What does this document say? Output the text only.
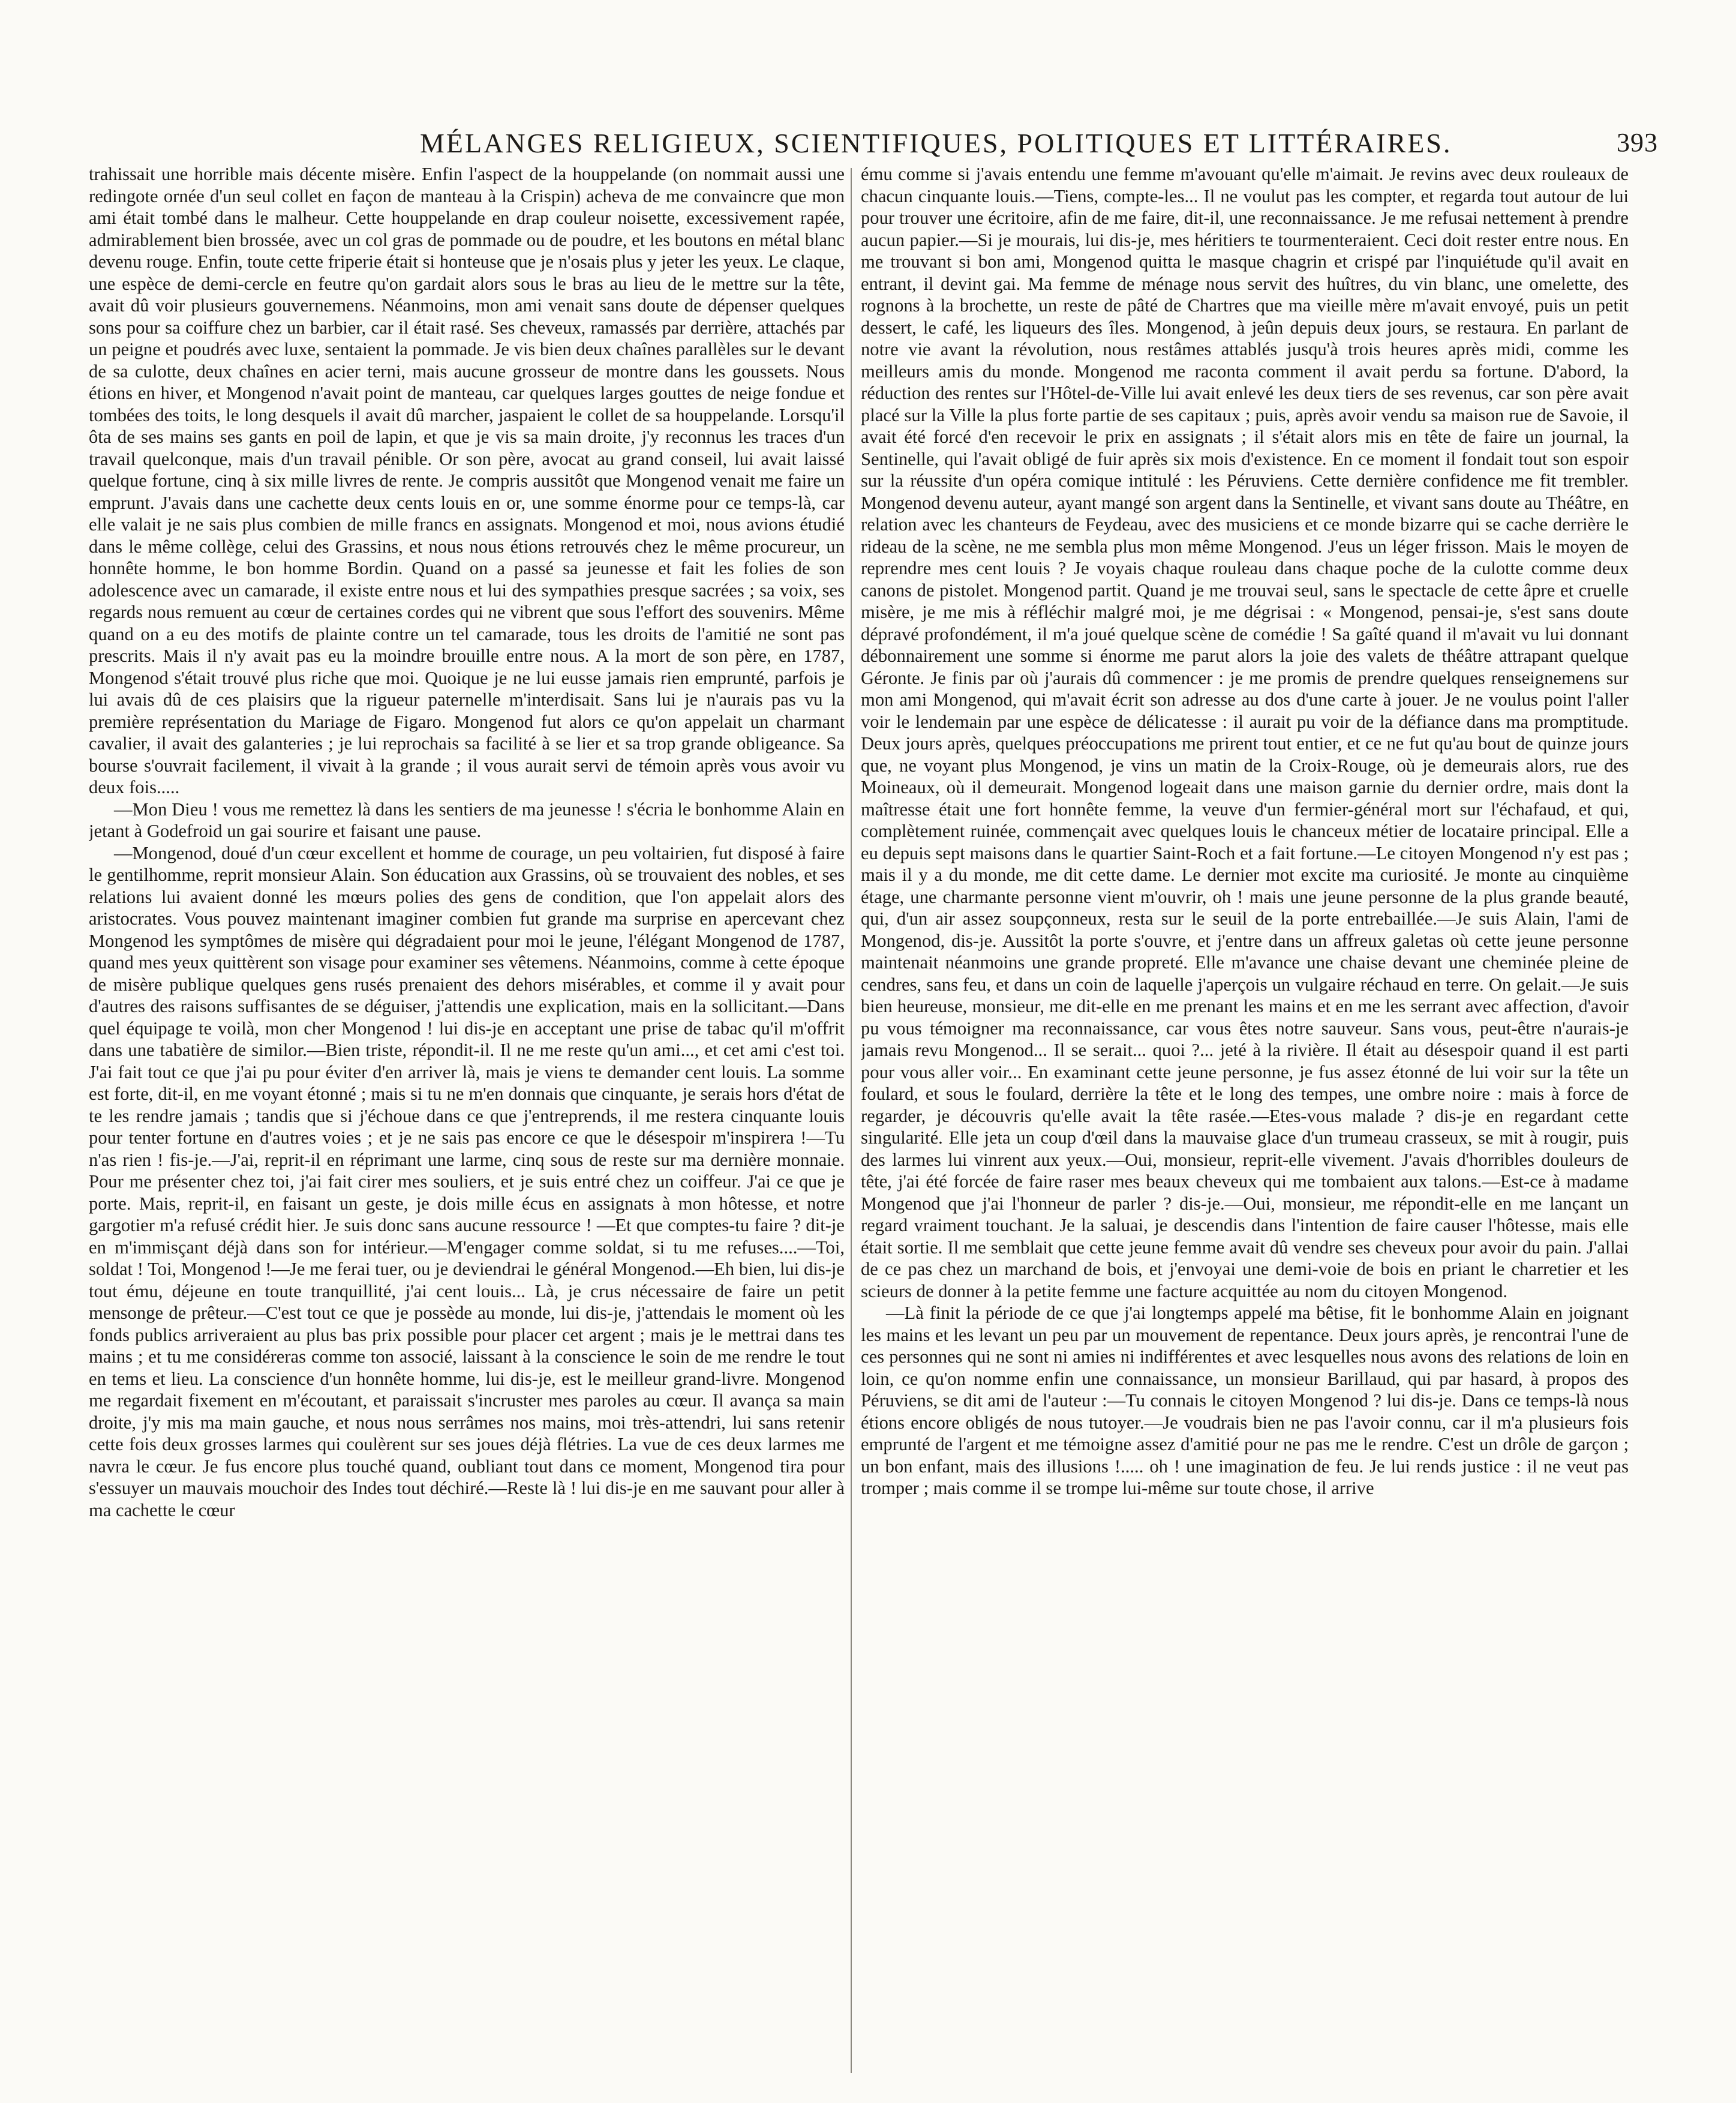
MÉLANGES RELIGIEUX, SCIENTIFIQUES, POLITIQUES ET LITTÉRAIRES.	393

trahissait une horrible mais décente misère. Enfin l'aspect de la houppelande (on nommait aussi une redingote ornée d'un seul collet en façon de manteau à la Crispin) acheva de me convaincre que mon ami était tombé dans le malheur. Cette houppelande en drap couleur noisette, excessivement rapée, admirablement bien brossée, avec un col gras de pommade ou de poudre, et les boutons en métal blanc devenu rouge. Enfin, toute cette friperie était si honteuse que je n'osais plus y jeter les yeux. Le claque, une espèce de demi-cercle en feutre qu'on gardait alors sous le bras au lieu de le mettre sur la tête, avait dû voir plusieurs gouvernemens. Néanmoins, mon ami venait sans doute de dépenser quelques sons pour sa coiffure chez un barbier, car il était rasé. Ses cheveux, ramassés par derrière, attachés par un peigne et poudrés avec luxe, sentaient la pommade. Je vis bien deux chaînes parallèles sur le devant de sa culotte, deux chaînes en acier terni, mais aucune grosseur de montre dans les goussets. Nous étions en hiver, et Mongenod n'avait point de manteau, car quelques larges gouttes de neige fondue et tombées des toits, le long desquels il avait dû marcher, jaspaient le collet de sa houppelande. Lorsqu'il ôta de ses mains ses gants en poil de lapin, et que je vis sa main droite, j'y reconnus les traces d'un travail quelconque, mais d'un travail pénible. Or son père, avocat au grand conseil, lui avait laissé quelque fortune, cinq à six mille livres de rente. Je compris aussitôt que Mongenod venait me faire un emprunt. J'avais dans une cachette deux cents louis en or, une somme énorme pour ce temps-là, car elle valait je ne sais plus combien de mille francs en assignats. Mongenod et moi, nous avions étudié dans le même collège, celui des Grassins, et nous nous étions retrouvés chez le même procureur, un honnête homme, le bon homme Bordin. Quand on a passé sa jeunesse et fait les folies de son adolescence avec un camarade, il existe entre nous et lui des sympathies presque sacrées ; sa voix, ses regards nous remuent au cœur de certaines cordes qui ne vibrent que sous l'effort des souvenirs. Même quand on a eu des motifs de plainte contre un tel camarade, tous les droits de l'amitié ne sont pas prescrits. Mais il n'y avait pas eu la moindre brouille entre nous. A la mort de son père, en 1787, Mongenod s'était trouvé plus riche que moi. Quoique je ne lui eusse jamais rien emprunté, parfois je lui avais dû de ces plaisirs que la rigueur paternelle m'interdisait. Sans lui je n'aurais pas vu la première représentation du Mariage de Figaro. Mongenod fut alors ce qu'on appelait un charmant cavalier, il avait des galanteries ; je lui reprochais sa facilité à se lier et sa trop grande obligeance. Sa bourse s'ouvrait facilement, il vivait à la grande ; il vous aurait servi de témoin après vous avoir vu deux fois.....

—Mon Dieu ! vous me remettez là dans les sentiers de ma jeunesse ! s'écria le bonhomme Alain en jetant à Godefroid un gai sourire et faisant une pause.

—Mongenod, doué d'un cœur excellent et homme de courage, un peu voltairien, fut disposé à faire le gentilhomme, reprit monsieur Alain. Son éducation aux Grassins, où se trouvaient des nobles, et ses relations lui avaient donné les mœurs polies des gens de condition, que l'on appelait alors des aristocrates. Vous pouvez maintenant imaginer combien fut grande ma surprise en apercevant chez Mongenod les symptômes de misère qui dégradaient pour moi le jeune, l'élégant Mongenod de 1787, quand mes yeux quittèrent son visage pour examiner ses vêtemens. Néanmoins, comme à cette époque de misère publique quelques gens rusés prenaient des dehors misérables, et comme il y avait pour d'autres des raisons suffisantes de se déguiser, j'attendis une explication, mais en la sollicitant.—Dans quel équipage te voilà, mon cher Mongenod ! lui dis-je en acceptant une prise de tabac qu'il m'offrit dans une tabatière de similor.—Bien triste, répondit-il. Il ne me reste qu'un ami..., et cet ami c'est toi. J'ai fait tout ce que j'ai pu pour éviter d'en arriver là, mais je viens te demander cent louis. La somme est forte, dit-il, en me voyant étonné ; mais si tu ne m'en donnais que cinquante, je serais hors d'état de te les rendre jamais ; tandis que si j'échoue dans ce que j'entreprends, il me restera cinquante louis pour tenter fortune en d'autres voies ; et je ne sais pas encore ce que le désespoir m'inspirera !—Tu n'as rien ! fis-je.—J'ai, reprit-il en réprimant une larme, cinq sous de reste sur ma dernière monnaie. Pour me présenter chez toi, j'ai fait cirer mes souliers, et je suis entré chez un coiffeur. J'ai ce que je porte. Mais, reprit-il, en faisant un geste, je dois mille écus en assignats à mon hôtesse, et notre gargotier m'a refusé crédit hier. Je suis donc sans aucune ressource ! —Et que comptes-tu faire ? dit-je en m'immisçant déjà dans son for intérieur.—M'engager comme soldat, si tu me refuses....—Toi, soldat ! Toi, Mongenod !—Je me ferai tuer, ou je deviendrai le général Mongenod.—Eh bien, lui dis-je tout ému, déjeune en toute tranquillité, j'ai cent louis... Là, je crus nécessaire de faire un petit mensonge de prêteur.—C'est tout ce que je possède au monde, lui dis-je, j'attendais le moment où les fonds publics arriveraient au plus bas prix possible pour placer cet argent ; mais je le mettrai dans tes mains ; et tu me considéreras comme ton associé, laissant à la conscience le soin de me rendre le tout en tems et lieu. La conscience d'un honnête homme, lui dis-je, est le meilleur grand-livre. Mongenod me regardait fixement en m'écoutant, et paraissait s'incruster mes paroles au cœur. Il avança sa main droite, j'y mis ma main gauche, et nous nous serrâmes nos mains, moi très-attendri, lui sans retenir cette fois deux grosses larmes qui coulèrent sur ses joues déjà flétries. La vue de ces deux larmes me navra le cœur. Je fus encore plus touché quand, oubliant tout dans ce moment, Mongenod tira pour s'essuyer un mauvais mouchoir des Indes tout déchiré.—Reste là ! lui dis-je en me sauvant pour aller à ma cachette le cœur

ému comme si j'avais entendu une femme m'avouant qu'elle m'aimait. Je revins avec deux rouleaux de chacun cinquante louis.—Tiens, compte-les... Il ne voulut pas les compter, et regarda tout autour de lui pour trouver une écritoire, afin de me faire, dit-il, une reconnaissance. Je me refusai nettement à prendre aucun papier.—Si je mourais, lui dis-je, mes héritiers te tourmenteraient. Ceci doit rester entre nous. En me trouvant si bon ami, Mongenod quitta le masque chagrin et crispé par l'inquiétude qu'il avait en entrant, il devint gai. Ma femme de ménage nous servit des huîtres, du vin blanc, une omelette, des rognons à la brochette, un reste de pâté de Chartres que ma vieille mère m'avait envoyé, puis un petit dessert, le café, les liqueurs des îles. Mongenod, à jeûn depuis deux jours, se restaura. En parlant de notre vie avant la révolution, nous restâmes attablés jusqu'à trois heures après midi, comme les meilleurs amis du monde. Mongenod me raconta comment il avait perdu sa fortune. D'abord, la réduction des rentes sur l'Hôtel-de-Ville lui avait enlevé les deux tiers de ses revenus, car son père avait placé sur la Ville la plus forte partie de ses capitaux ; puis, après avoir vendu sa maison rue de Savoie, il avait été forcé d'en recevoir le prix en assignats ; il s'était alors mis en tête de faire un journal, la Sentinelle, qui l'avait obligé de fuir après six mois d'existence. En ce moment il fondait tout son espoir sur la réussite d'un opéra comique intitulé : les Péruviens. Cette dernière confidence me fit trembler. Mongenod devenu auteur, ayant mangé son argent dans la Sentinelle, et vivant sans doute au Théâtre, en relation avec les chanteurs de Feydeau, avec des musiciens et ce monde bizarre qui se cache derrière le rideau de la scène, ne me sembla plus mon même Mongenod. J'eus un léger frisson. Mais le moyen de reprendre mes cent louis ? Je voyais chaque rouleau dans chaque poche de la culotte comme deux canons de pistolet. Mongenod partit. Quand je me trouvai seul, sans le spectacle de cette âpre et cruelle misère, je me mis à réfléchir malgré moi, je me dégrisai : « Mongenod, pensai-je, s'est sans doute dépravé profondément, il m'a joué quelque scène de comédie ! Sa gaîté quand il m'avait vu lui donnant débonnairement une somme si énorme me parut alors la joie des valets de théâtre attrapant quelque Géronte. Je finis par où j'aurais dû commencer : je me promis de prendre quelques renseignemens sur mon ami Mongenod, qui m'avait écrit son adresse au dos d'une carte à jouer. Je ne voulus point l'aller voir le lendemain par une espèce de délicatesse : il aurait pu voir de la défiance dans ma promptitude. Deux jours après, quelques préoccupations me prirent tout entier, et ce ne fut qu'au bout de quinze jours que, ne voyant plus Mongenod, je vins un matin de la Croix-Rouge, où je demeurais alors, rue des Moineaux, où il demeurait. Mongenod logeait dans une maison garnie du dernier ordre, mais dont la maîtresse était une fort honnête femme, la veuve d'un fermier-général mort sur l'échafaud, et qui, complètement ruinée, commençait avec quelques louis le chanceux métier de locataire principal. Elle a eu depuis sept maisons dans le quartier Saint-Roch et a fait fortune.—Le citoyen Mongenod n'y est pas ; mais il y a du monde, me dit cette dame. Le dernier mot excite ma curiosité. Je monte au cinquième étage, une charmante personne vient m'ouvrir, oh ! mais une jeune personne de la plus grande beauté, qui, d'un air assez soupçonneux, resta sur le seuil de la porte entrebaillée.—Je suis Alain, l'ami de Mongenod, dis-je. Aussitôt la porte s'ouvre, et j'entre dans un affreux galetas où cette jeune personne maintenait néanmoins une grande propreté. Elle m'avance une chaise devant une cheminée pleine de cendres, sans feu, et dans un coin de laquelle j'aperçois un vulgaire réchaud en terre. On gelait.—Je suis bien heureuse, monsieur, me dit-elle en me prenant les mains et en me les serrant avec affection, d'avoir pu vous témoigner ma reconnaissance, car vous êtes notre sauveur. Sans vous, peut-être n'aurais-je jamais revu Mongenod... Il se serait... quoi ?... jeté à la rivière. Il était au désespoir quand il est parti pour vous aller voir... En examinant cette jeune personne, je fus assez étonné de lui voir sur la tête un foulard, et sous le foulard, derrière la tête et le long des tempes, une ombre noire : mais à force de regarder, je découvris qu'elle avait la tête rasée.—Etes-vous malade ? dis-je en regardant cette singularité. Elle jeta un coup d'œil dans la mauvaise glace d'un trumeau crasseux, se mit à rougir, puis des larmes lui vinrent aux yeux.—Oui, monsieur, reprit-elle vivement. J'avais d'horribles douleurs de tête, j'ai été forcée de faire raser mes beaux cheveux qui me tombaient aux talons.—Est-ce à madame Mongenod que j'ai l'honneur de parler ? dis-je.—Oui, monsieur, me répondit-elle en me lançant un regard vraiment touchant. Je la saluai, je descendis dans l'intention de faire causer l'hôtesse, mais elle était sortie. Il me semblait que cette jeune femme avait dû vendre ses cheveux pour avoir du pain. J'allai de ce pas chez un marchand de bois, et j'envoyai une demi-voie de bois en priant le charretier et les scieurs de donner à la petite femme une facture acquittée au nom du citoyen Mongenod.

—Là finit la période de ce que j'ai longtemps appelé ma bêtise, fit le bonhomme Alain en joignant les mains et les levant un peu par un mouvement de repentance. Deux jours après, je rencontrai l'une de ces personnes qui ne sont ni amies ni indifférentes et avec lesquelles nous avons des relations de loin en loin, ce qu'on nomme enfin une connaissance, un monsieur Barillaud, qui par hasard, à propos des Péruviens, se dit ami de l'auteur :—Tu connais le citoyen Mongenod ? lui dis-je. Dans ce temps-là nous étions encore obligés de nous tutoyer.—Je voudrais bien ne pas l'avoir connu, car il m'a plusieurs fois emprunté de l'argent et me témoigne assez d'amitié pour ne pas me le rendre. C'est un drôle de garçon ; un bon enfant, mais des illusions !..... oh ! une imagination de feu. Je lui rends justice : il ne veut pas tromper ; mais comme il se trompe lui-même sur toute chose, il arrive
